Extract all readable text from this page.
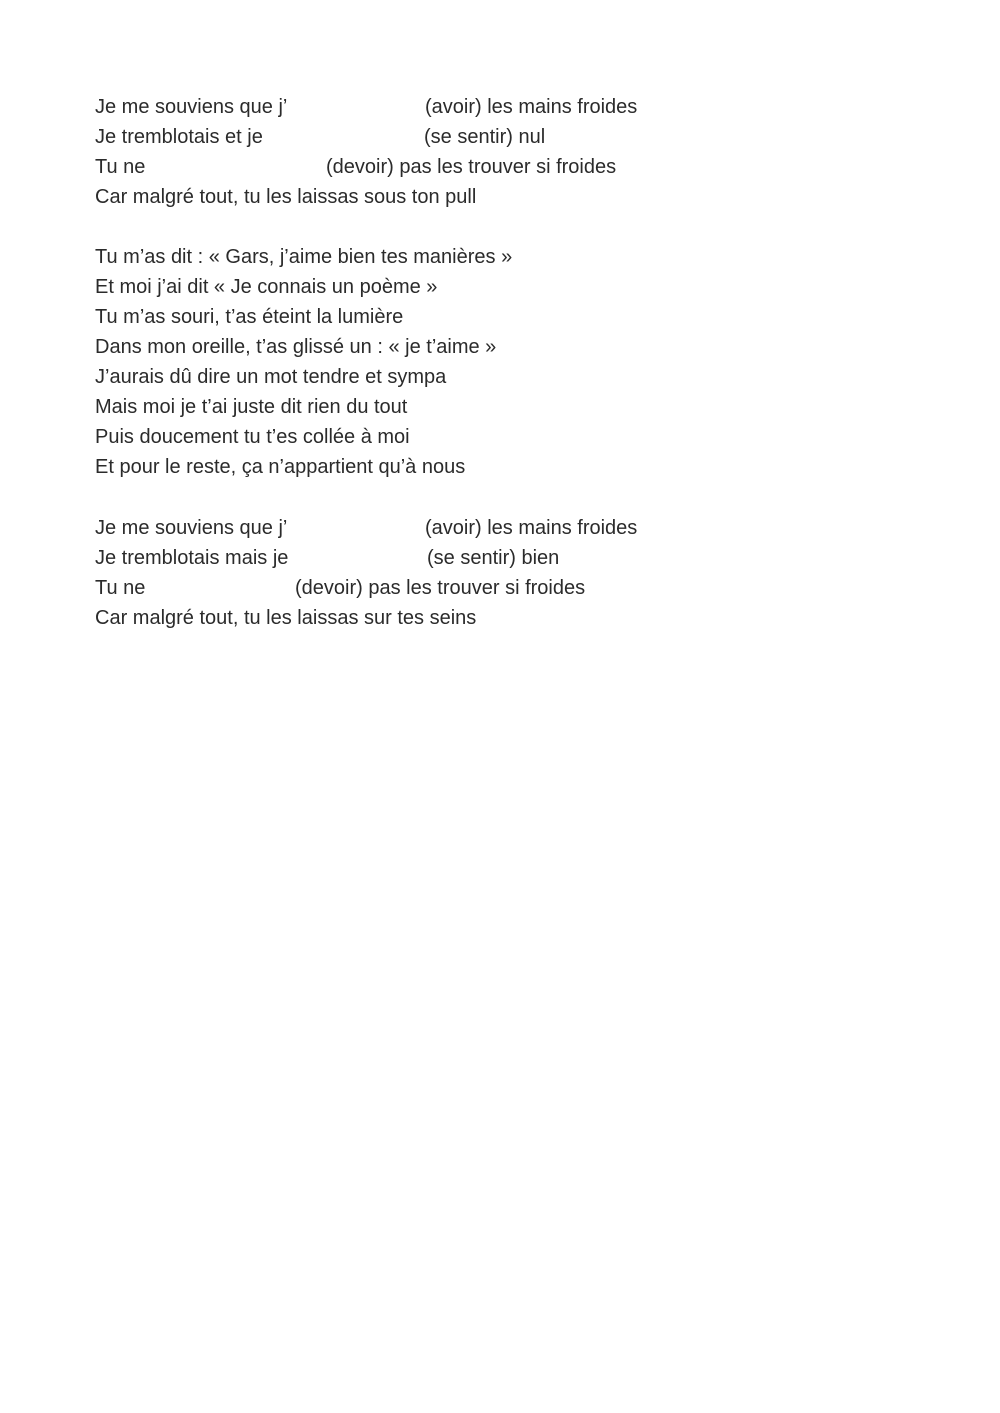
Je me souviens que j’	(avoir) les mains froides
Je tremblotais et je	(se sentir) nul
Tu ne	(devoir) pas les trouver si froides
Car malgré tout, tu les laissas sous ton pull
Tu m’as dit : « Gars, j’aime bien tes manières »
Et moi j’ai dit « Je connais un poème »
Tu m’as souri, t’as éteint la lumière
Dans mon oreille, t’as glissé un : « je t’aime »
J’aurais dû dire un mot tendre et sympa
Mais moi je t’ai juste dit rien du tout
Puis doucement tu t’es collée à moi
Et pour le reste, ça n’appartient qu’à nous
Je me souviens que j’	(avoir) les mains froides
Je tremblotais mais je	(se sentir) bien
Tu ne	(devoir) pas les trouver si froides
Car malgré tout, tu les laissas sur tes seins
